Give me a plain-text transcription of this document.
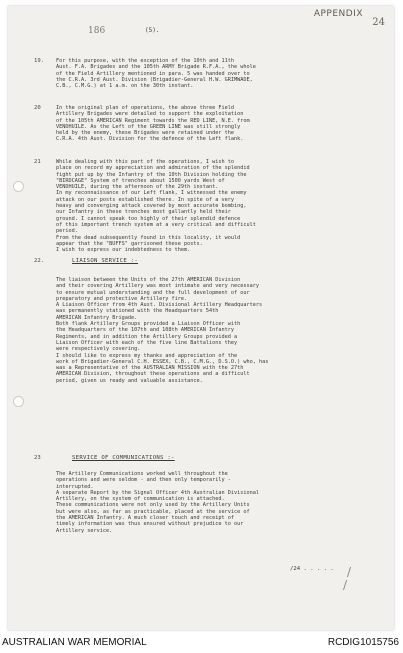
APPENDIX
24
186	(5).
19. For this purpose, with the exception of the 10th and 11th
Aust. F.A. Brigades and the 105th ARMY Brigade R.F.A., the whole
of the Field Artillery mentioned in para. 5 was handed over to
the C.R.A. 3rd Aust. Division (Brigadier-General H.W. GRIMWADE,
C.B., C.M.G.) at 1 a.m. on the 30th instant.
20	In the original plan of operations, the above three Field
Artillery Brigades were detailed to support the exploitation
of the 105th AMERICAN Regiment towards the RED LINE, N.E. from
VENDHUILE. As the Left of the GREEN LINE was still strongly
held by the enemy, these Brigades were retained under the
C.R.A. 4th Aust. Division for the defence of the Left flank.
21	While dealing with this part of the operations, I wish to
place on record my appreciation and admiration of the splendid
fight put up by the Infantry of the 10th Division holding the
"BIRDCAGE" System of trenches about 1500 yards West of
VENDHUILE, during the afternoon of the 29th instant.
In my reconnaissance of our Left flank, I witnessed the enemy
attack on our posts established there. In spite of a very
heavy and converging attack covered by most accurate bombing,
our Infantry in these trenches most gallantly held their
ground. I cannot speak too highly of their splendid defence
of this important trench system at a very critical and difficult
period.
From the dead subsequently found in this locality, it would
appear that the "BUFFS" garrisoned these posts.
I wish to express our indebtedness to them.
22.	LIAISON SERVICE :-
The liaison between the Units of the 27th AMERICAN Division
and their covering Artillery was most intimate and very necessary
to ensure mutual understanding and the full development of our
preparatory and protective Artillery fire.
A Liaison Officer from 4th Aust. Divisional Artillery Headquarters
was permanently stationed with the Headquarters 54th
AMERICAN Infantry Brigade.
Both flank Artillery Groups provided a Liaison Officer with
the Headquarters of the 107th and 108th AMERICAN Infantry
Regiments, and in addition the Artillery Groups provided a
Liaison Officer with each of the five line Battalions they
were respectively covering.
I should like to express my thanks and appreciation of the
work of Brigadier-General C.H. ESSEX, C.B., C.M.G., D.S.O.) who, has
was a Representative of the AUSTRALIAN MISSION with the 27th
AMERICAN Division, throughout these operations and a difficult
period, given us ready and valuable assistance.
23	SERVICE OF COMMUNICATIONS :-
The Artillery Communications worked well throughout the
operations and were seldom - and then only temporarily -
interrupted.
A separate Report by the Signal Officer 4th Australian Divisional
Artillery, on the system of communication is attached.
These communications were not only used by the Artillery Units
but were also, as far as practicable, placed at the service of
the AMERICAN Infantry. A much closer touch and receipt of
timely information was thus ensured without prejudice to our
Artillery service.
/24 . . . . . /
/
AUSTRALIAN WAR MEMORIAL	RCDIG1015756
